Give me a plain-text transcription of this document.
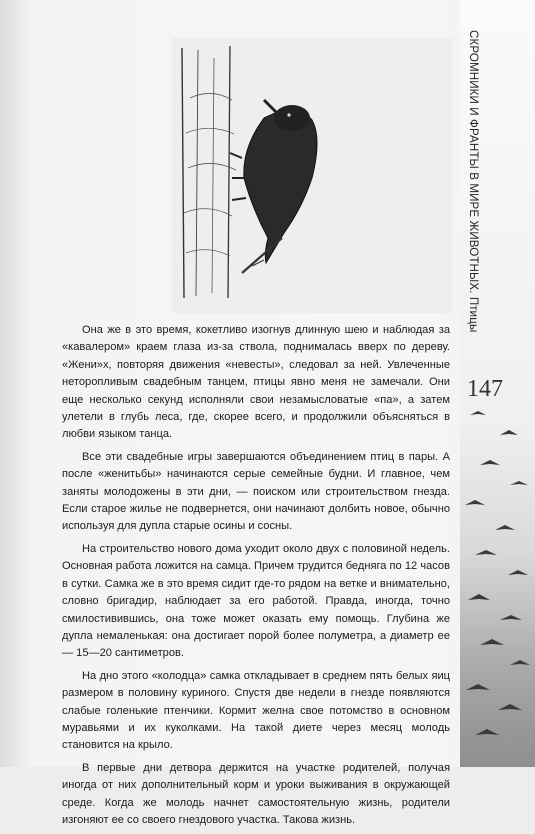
СКРОМНИКИ И ФРАНТЫ В МИРЕ ЖИВОТНЫХ. Птицы
147

Она же в это время, кокетливо изогнув длинную шею и наблюдая за «кавалером» краем глаза из-за ствола, поднималась вверх по дереву. «Жени»х, повторяя движения «невесты», следовал за ней. Увлеченные неторопливым свадебным танцем, птицы явно меня не замечали. Они еще несколько секунд исполняли свои незамысловатые «па», а затем улетели в глубь леса, где, скорее всего, и продолжили объясняться в любви языком танца.

Все эти свадебные игры завершаются объединением птиц в пары. А после «женитьбы» начинаются серые семейные будни. И главное, чем заняты молодожены в эти дни, — поиском или строительством гнезда. Если старое жилье не подвернется, они начинают долбить новое, обычно используя для дупла старые осины и сосны.

На строительство нового дома уходит около двух с половиной недель. Основная работа ложится на самца. Причем трудится бедняга по 12 часов в сутки. Самка же в это время сидит где-то рядом на ветке и внимательно, словно бригадир, наблюдает за его работой. Правда, иногда, точно смилостивившись, она тоже может оказать ему помощь. Глубина же дупла немаленькая: она достигает порой более полуметра, а диаметр ее — 15—20 сантиметров.

На дно этого «колодца» самка откладывает в среднем пять белых яиц размером в половину куриного. Спустя две недели в гнезде появляются слабые голенькие птенчики. Кормит желна свое потомство в основном муравьями и их куколками. На такой диете через месяц молодь становится на крыло.

В первые дни детвора держится на участке родителей, получая иногда от них дополнительный корм и уроки выживания в окружающей среде. Когда же молодь начнет самостоятельную жизнь, родители изгоняют ее со своего гнездового участка. Такова жизнь.
